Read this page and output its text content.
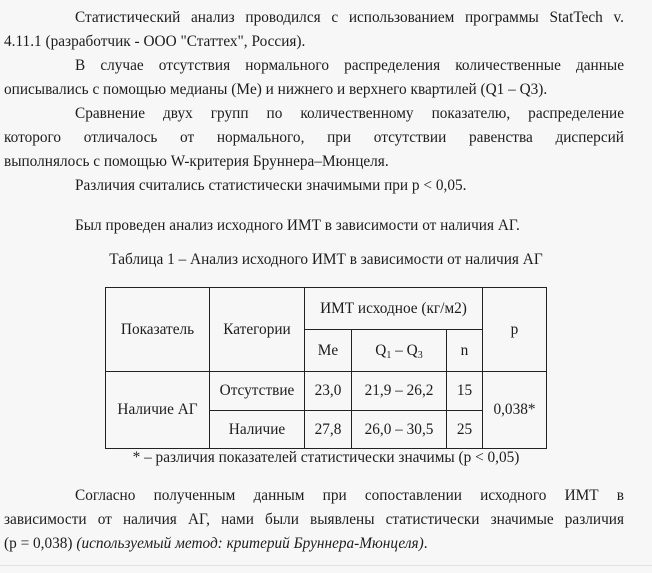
Статистический анализ проводился с использованием программы StatTech v.
4.11.1 (разработчик - ООО "Статтех", Россия).
В случае отсутствия нормального распределения количественные данные
описывались с помощью медианы (Me) и нижнего и верхнего квартилей (Q1 – Q3).
Сравнение двух групп по количественному показателю, распределение
которого отличалось от нормального, при отсутствии равенства дисперсий
выполнялось с помощью W-критерия Бруннера–Мюнцеля.
Различия считались статистически значимыми при p < 0,05.
Был проведен анализ исходного ИМТ в зависимости от наличия АГ.
Таблица 1 – Анализ исходного ИМТ в зависимости от наличия АГ
Показатель	Категории	ИМТ исходное (кг/м2)			p
		Me	$Q_1 - Q_3$	n	
Наличие АГ	Отсутствие	23,0	21,9 – 26,2	15	0,038*
	Наличие	27,8	26,0 – 30,5	25	
* – различия показателей статистически значимы (p < 0,05)
Согласно полученным данным при сопоставлении исходного ИМТ в
зависимости от наличия АГ, нами были выявлены статистически значимые различия
(p = 0,038) (используемый метод: критерий Бруннера-Мюнцеля).
